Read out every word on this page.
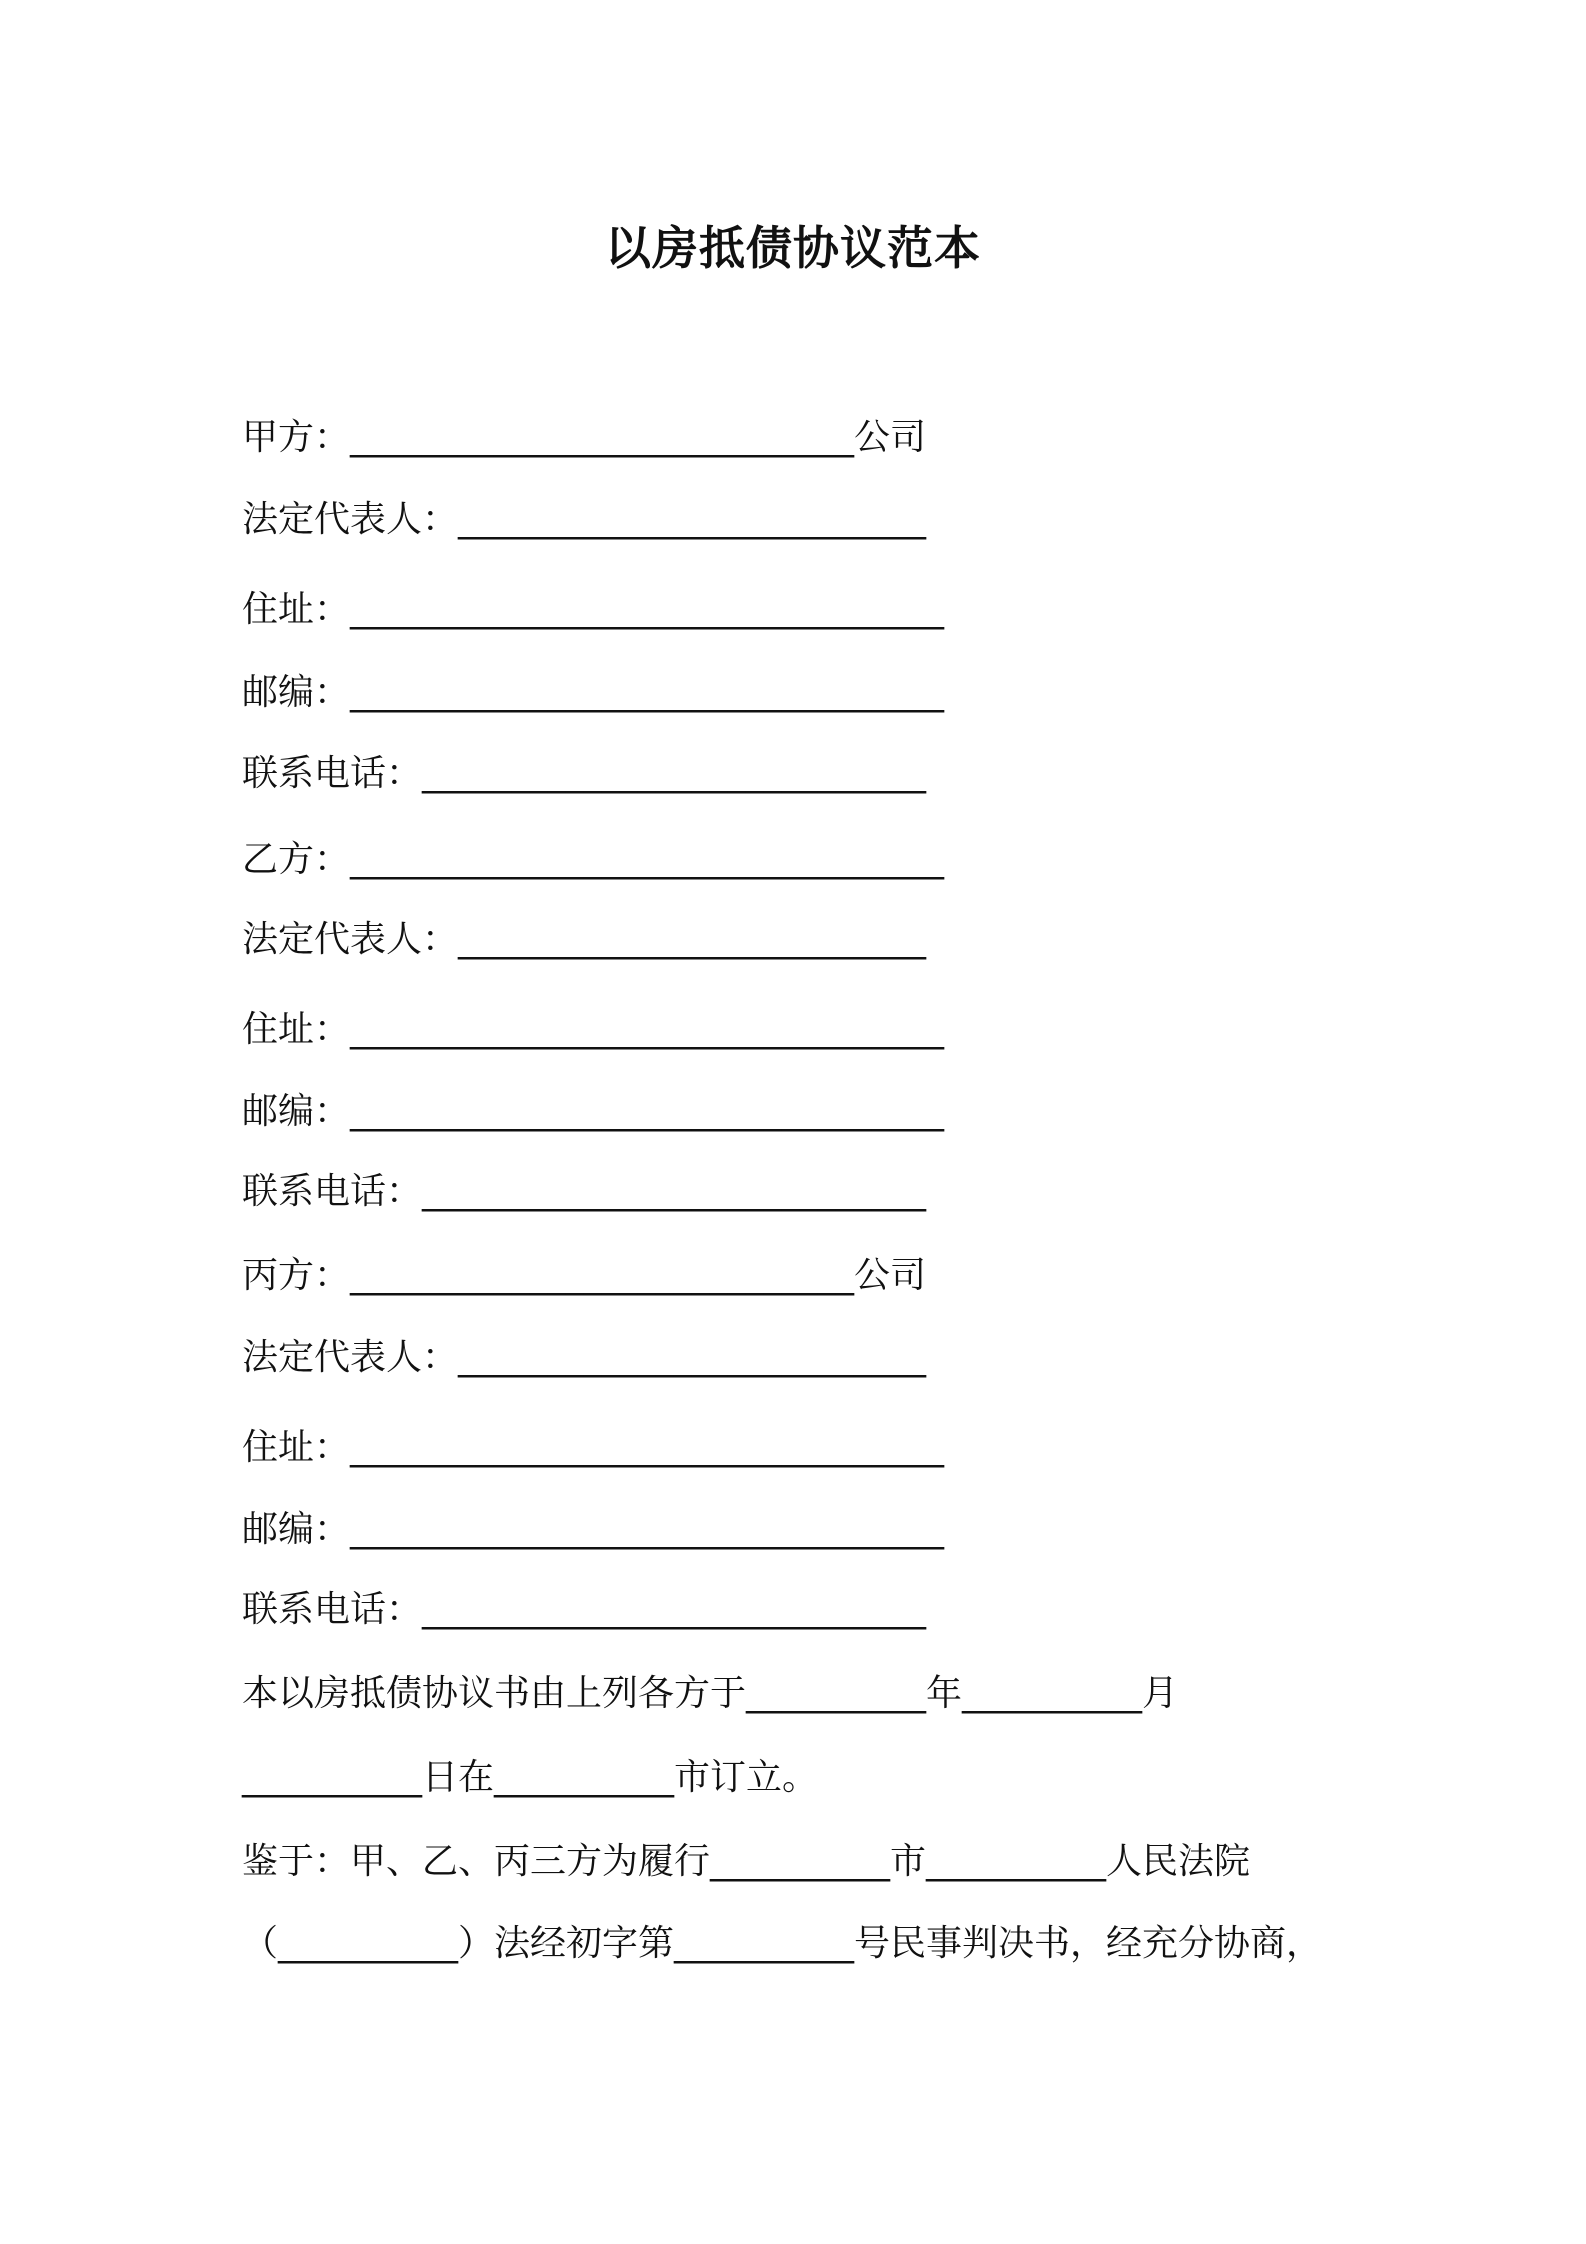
以房抵债协议范本
甲方：____________________________公司
法定代表人：__________________________
住址：_________________________________
邮编：_________________________________
联系电话：____________________________
乙方：_________________________________
法定代表人：__________________________
住址：_________________________________
邮编：_________________________________
联系电话：____________________________
丙方：____________________________公司
法定代表人：__________________________
住址：_________________________________
邮编：_________________________________
联系电话：____________________________
本以房抵债协议书由上列各方于__________年__________月
__________日在__________市订立。
鉴于：甲、乙、丙三方为履行__________市__________人民法院
（__________）法经初字第__________号民事判决书，经充分协商，
